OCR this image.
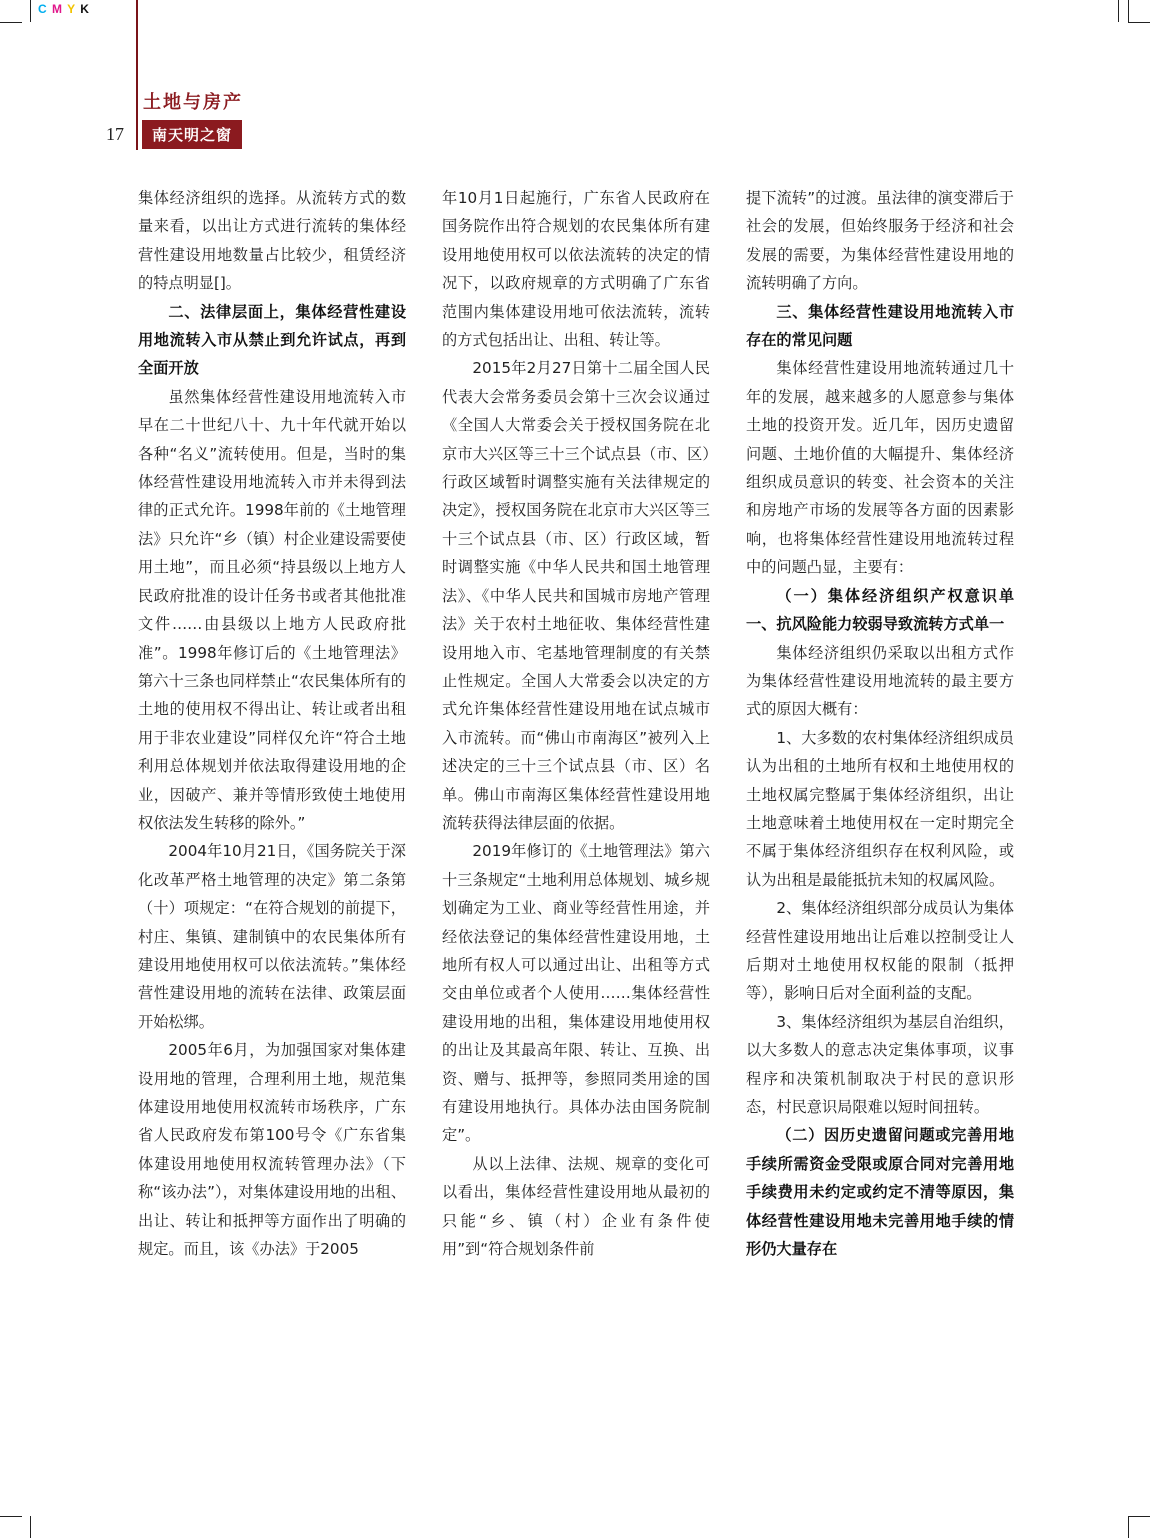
C M Y K
土地与房产
17	南天明之窗

集体经济组织的选择。从流转方式的数量来看，以出让方式进行流转的集体经营性建设用地数量占比较少，租赁经济的特点明显[]。

二、法律层面上，集体经营性建设用地流转入市从禁止到允许试点，再到全面开放

虽然集体经营性建设用地流转入市早在二十世纪八十、九十年代就开始以各种“名义”流转使用。但是，当时的集体经营性建设用地流转入市并未得到法律的正式允许。1998年前的《土地管理法》只允许“乡（镇）村企业建设需要使用土地”，而且必须“持县级以上地方人民政府批准的设计任务书或者其他批准文件……由县级以上地方人民政府批准”。1998年修订后的《土地管理法》第六十三条也同样禁止“农民集体所有的土地的使用权不得出让、转让或者出租用于非农业建设”同样仅允许“符合土地利用总体规划并依法取得建设用地的企业，因破产、兼并等情形致使土地使用权依法发生转移的除外。”

2004年10月21日，《国务院关于深化改革严格土地管理的决定》第二条第（十）项规定：“在符合规划的前提下，村庄、集镇、建制镇中的农民集体所有建设用地使用权可以依法流转。”集体经营性建设用地的流转在法律、政策层面开始松绑。

2005年6月，为加强国家对集体建设用地的管理，合理利用土地，规范集体建设用地使用权流转市场秩序，广东省人民政府发布第100号令《广东省集体建设用地使用权流转管理办法》（下称“该办法”），对集体建设用地的出租、出让、转让和抵押等方面作出了明确的规定。而且，该《办法》于2005

年10月1日起施行，广东省人民政府在国务院作出符合规划的农民集体所有建设用地使用权可以依法流转的决定的情况下，以政府规章的方式明确了广东省范围内集体建设用地可依法流转，流转的方式包括出让、出租、转让等。

2015年2月27日第十二届全国人民代表大会常务委员会第十三次会议通过《全国人大常委会关于授权国务院在北京市大兴区等三十三个试点县（市、区）行政区域暂时调整实施有关法律规定的决定》，授权国务院在北京市大兴区等三十三个试点县（市、区）行政区域，暂时调整实施《中华人民共和国土地管理法》、《中华人民共和国城市房地产管理法》关于农村土地征收、集体经营性建设用地入市、宅基地管理制度的有关禁止性规定。全国人大常委会以决定的方式允许集体经营性建设用地在试点城市入市流转。而“佛山市南海区”被列入上述决定的三十三个试点县（市、区）名单。佛山市南海区集体经营性建设用地流转获得法律层面的依据。

2019年修订的《土地管理法》第六十三条规定“土地利用总体规划、城乡规划确定为工业、商业等经营性用途，并经依法登记的集体经营性建设用地，土地所有权人可以通过出让、出租等方式交由单位或者个人使用……集体经营性建设用地的出租，集体建设用地使用权的出让及其最高年限、转让、互换、出资、赠与、抵押等，参照同类用途的国有建设用地执行。具体办法由国务院制定”。

从以上法律、法规、规章的变化可以看出，集体经营性建设用地从最初的只能“乡、镇（村）企业有条件使用”到“符合规划条件前

提下流转”的过渡。虽法律的演变滞后于社会的发展，但始终服务于经济和社会发展的需要，为集体经营性建设用地的流转明确了方向。

三、集体经营性建设用地流转入市存在的常见问题

集体经营性建设用地流转通过几十年的发展，越来越多的人愿意参与集体土地的投资开发。近几年，因历史遗留问题、土地价值的大幅提升、集体经济组织成员意识的转变、社会资本的关注和房地产市场的发展等各方面的因素影响，也将集体经营性建设用地流转过程中的问题凸显，主要有：

（一）集体经济组织产权意识单一、抗风险能力较弱导致流转方式单一

集体经济组织仍采取以出租方式作为集体经营性建设用地流转的最主要方式的原因大概有：

1、大多数的农村集体经济组织成员认为出租的土地所有权和土地使用权的土地权属完整属于集体经济组织，出让土地意味着土地使用权在一定时期完全不属于集体经济组织存在权利风险，或认为出租是最能抵抗未知的权属风险。

2、集体经济组织部分成员认为集体经营性建设用地出让后难以控制受让人后期对土地使用权权能的限制（抵押等），影响日后对全面利益的支配。

3、集体经济组织为基层自治组织，以大多数人的意志决定集体事项，议事程序和决策机制取决于村民的意识形态，村民意识局限难以短时间扭转。

（二）因历史遗留问题或完善用地手续所需资金受限或原合同对完善用地手续费用未约定或约定不清等原因，集体经营性建设用地未完善用地手续的情形仍大量存在
